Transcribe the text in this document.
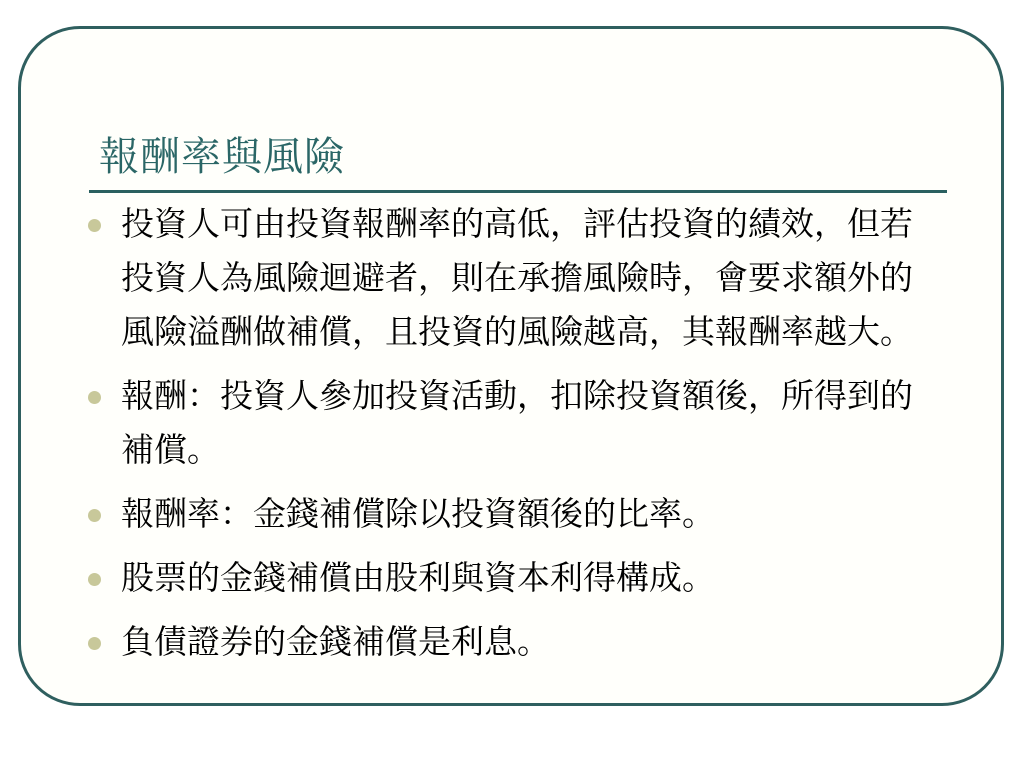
報酬率與風險
投資人可由投資報酬率的高低，評估投資的績效，但若投資人為風險迴避者，則在承擔風險時，會要求額外的風險溢酬做補償，且投資的風險越高，其報酬率越大。
報酬：投資人參加投資活動，扣除投資額後，所得到的補償。
報酬率：金錢補償除以投資額後的比率。
股票的金錢補償由股利與資本利得構成。
負債證券的金錢補償是利息。
